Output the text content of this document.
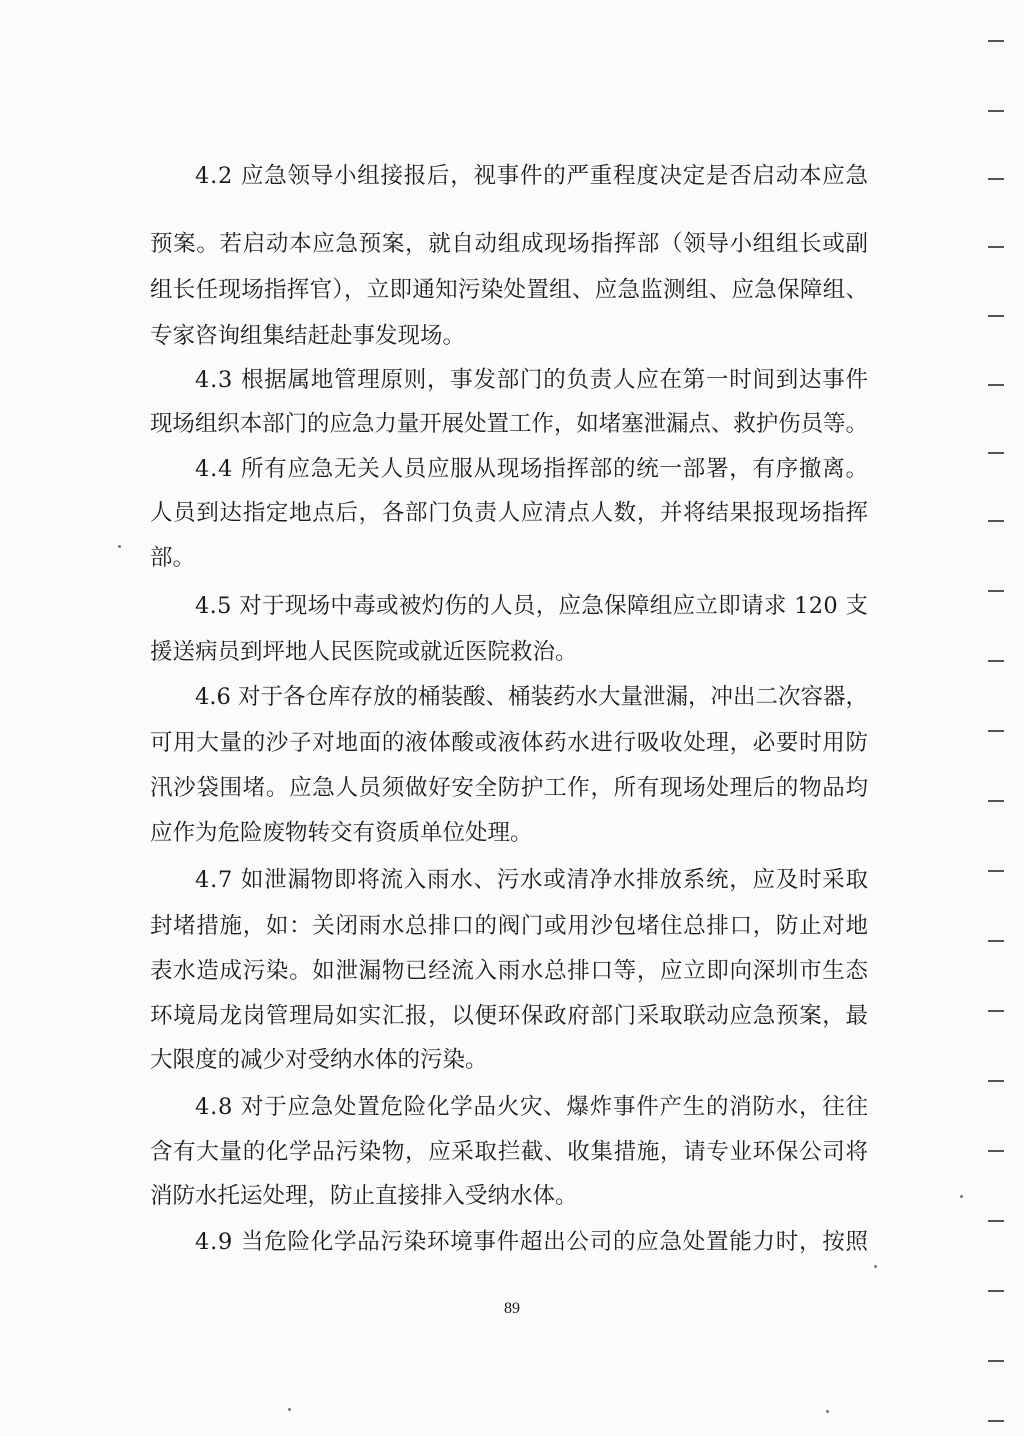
4.2 应急领导小组接报后，视事件的严重程度决定是否启动本应急
预案。若启动本应急预案，就自动组成现场指挥部（领导小组组长或副
组长任现场指挥官），立即通知污染处置组、应急监测组、应急保障组、
专家咨询组集结赶赴事发现场。
4.3 根据属地管理原则，事发部门的负责人应在第一时间到达事件
现场组织本部门的应急力量开展处置工作，如堵塞泄漏点、救护伤员等。
4.4 所有应急无关人员应服从现场指挥部的统一部署，有序撤离。
人员到达指定地点后，各部门负责人应清点人数，并将结果报现场指挥
部。
4.5 对于现场中毒或被灼伤的人员，应急保障组应立即请求 120 支
援送病员到坪地人民医院或就近医院救治。
4.6 对于各仓库存放的桶装酸、桶装药水大量泄漏，冲出二次容器，
可用大量的沙子对地面的液体酸或液体药水进行吸收处理，必要时用防
汛沙袋围堵。应急人员须做好安全防护工作，所有现场处理后的物品均
应作为危险废物转交有资质单位处理。
4.7 如泄漏物即将流入雨水、污水或清净水排放系统，应及时采取
封堵措施，如：关闭雨水总排口的阀门或用沙包堵住总排口，防止对地
表水造成污染。如泄漏物已经流入雨水总排口等，应立即向深圳市生态
环境局龙岗管理局如实汇报，以便环保政府部门采取联动应急预案，最
大限度的减少对受纳水体的污染。
4.8 对于应急处置危险化学品火灾、爆炸事件产生的消防水，往往
含有大量的化学品污染物，应采取拦截、收集措施，请专业环保公司将
消防水托运处理，防止直接排入受纳水体。
4.9 当危险化学品污染环境事件超出公司的应急处置能力时，按照
89
